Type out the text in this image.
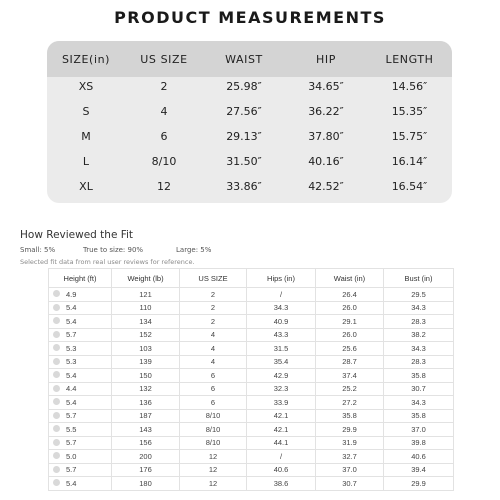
PRODUCT MEASUREMENTS
SIZE(in)	US SIZE	WAIST	HIP	LENGTH
XS	2	25.98″	34.65″	14.56″
S	4	27.56″	36.22″	15.35″
M	6	29.13″	37.80″	15.75″
L	8/10	31.50″	40.16″	16.14″
XL	12	33.86″	42.52″	16.54″
How Reviewed the Fit
Small: 5%	True to size: 90%	Large: 5%
Selected fit data from real user reviews for reference.
Height (ft)	Weight (lb)	US SIZE	Hips (in)	Waist (in)	Bust (in)
4.9	121	2	/	26.4	29.5
5.4	110	2	34.3	26.0	34.3
5.4	134	2	40.9	29.1	28.3
5.7	152	4	43.3	26.0	38.2
5.3	103	4	31.5	25.6	34.3
5.3	139	4	35.4	28.7	28.3
5.4	150	6	42.9	37.4	35.8
4.4	132	6	32.3	25.2	30.7
5.4	136	6	33.9	27.2	34.3
5.7	187	8/10	42.1	35.8	35.8
5.5	143	8/10	42.1	29.9	37.0
5.7	156	8/10	44.1	31.9	39.8
5.0	200	12	/	32.7	40.6
5.7	176	12	40.6	37.0	39.4
5.4	180	12	38.6	30.7	29.9
